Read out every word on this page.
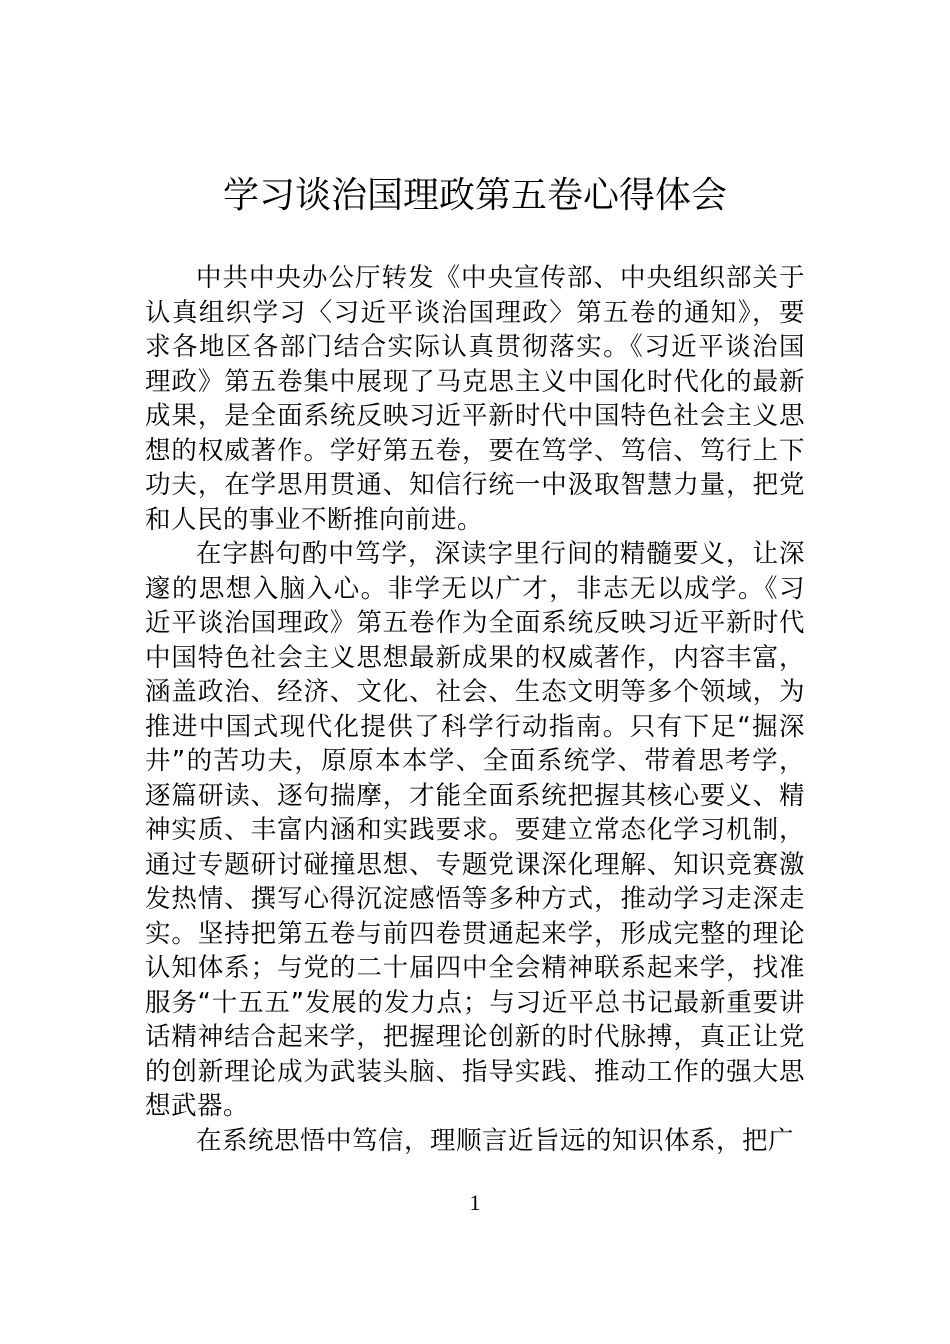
学习谈治国理政第五卷心得体会

中共中央办公厅转发《中央宣传部、中央组织部关于认真组织学习〈习近平谈治国理政〉第五卷的通知》，要求各地区各部门结合实际认真贯彻落实。《习近平谈治国理政》第五卷集中展现了马克思主义中国化时代化的最新成果，是全面系统反映习近平新时代中国特色社会主义思想的权威著作。学好第五卷，要在笃学、笃信、笃行上下功夫，在学思用贯通、知信行统一中汲取智慧力量，把党和人民的事业不断推向前进。

在字斟句酌中笃学，深读字里行间的精髓要义，让深邃的思想入脑入心。非学无以广才，非志无以成学。《习近平谈治国理政》第五卷作为全面系统反映习近平新时代中国特色社会主义思想最新成果的权威著作，内容丰富，涵盖政治、经济、文化、社会、生态文明等多个领域，为推进中国式现代化提供了科学行动指南。只有下足“掘深井”的苦功夫，原原本本学、全面系统学、带着思考学，逐篇研读、逐句揣摩，才能全面系统把握其核心要义、精神实质、丰富内涵和实践要求。要建立常态化学习机制，通过专题研讨碰撞思想、专题党课深化理解、知识竞赛激发热情、撰写心得沉淀感悟等多种方式，推动学习走深走实。坚持把第五卷与前四卷贯通起来学，形成完整的理论认知体系；与党的二十届四中全会精神联系起来学，找准服务“十五五”发展的发力点；与习近平总书记最新重要讲话精神结合起来学，把握理论创新的时代脉搏，真正让党的创新理论成为武装头脑、指导实践、推动工作的强大思想武器。

在系统思悟中笃信，理顺言近旨远的知识体系，把广

1
